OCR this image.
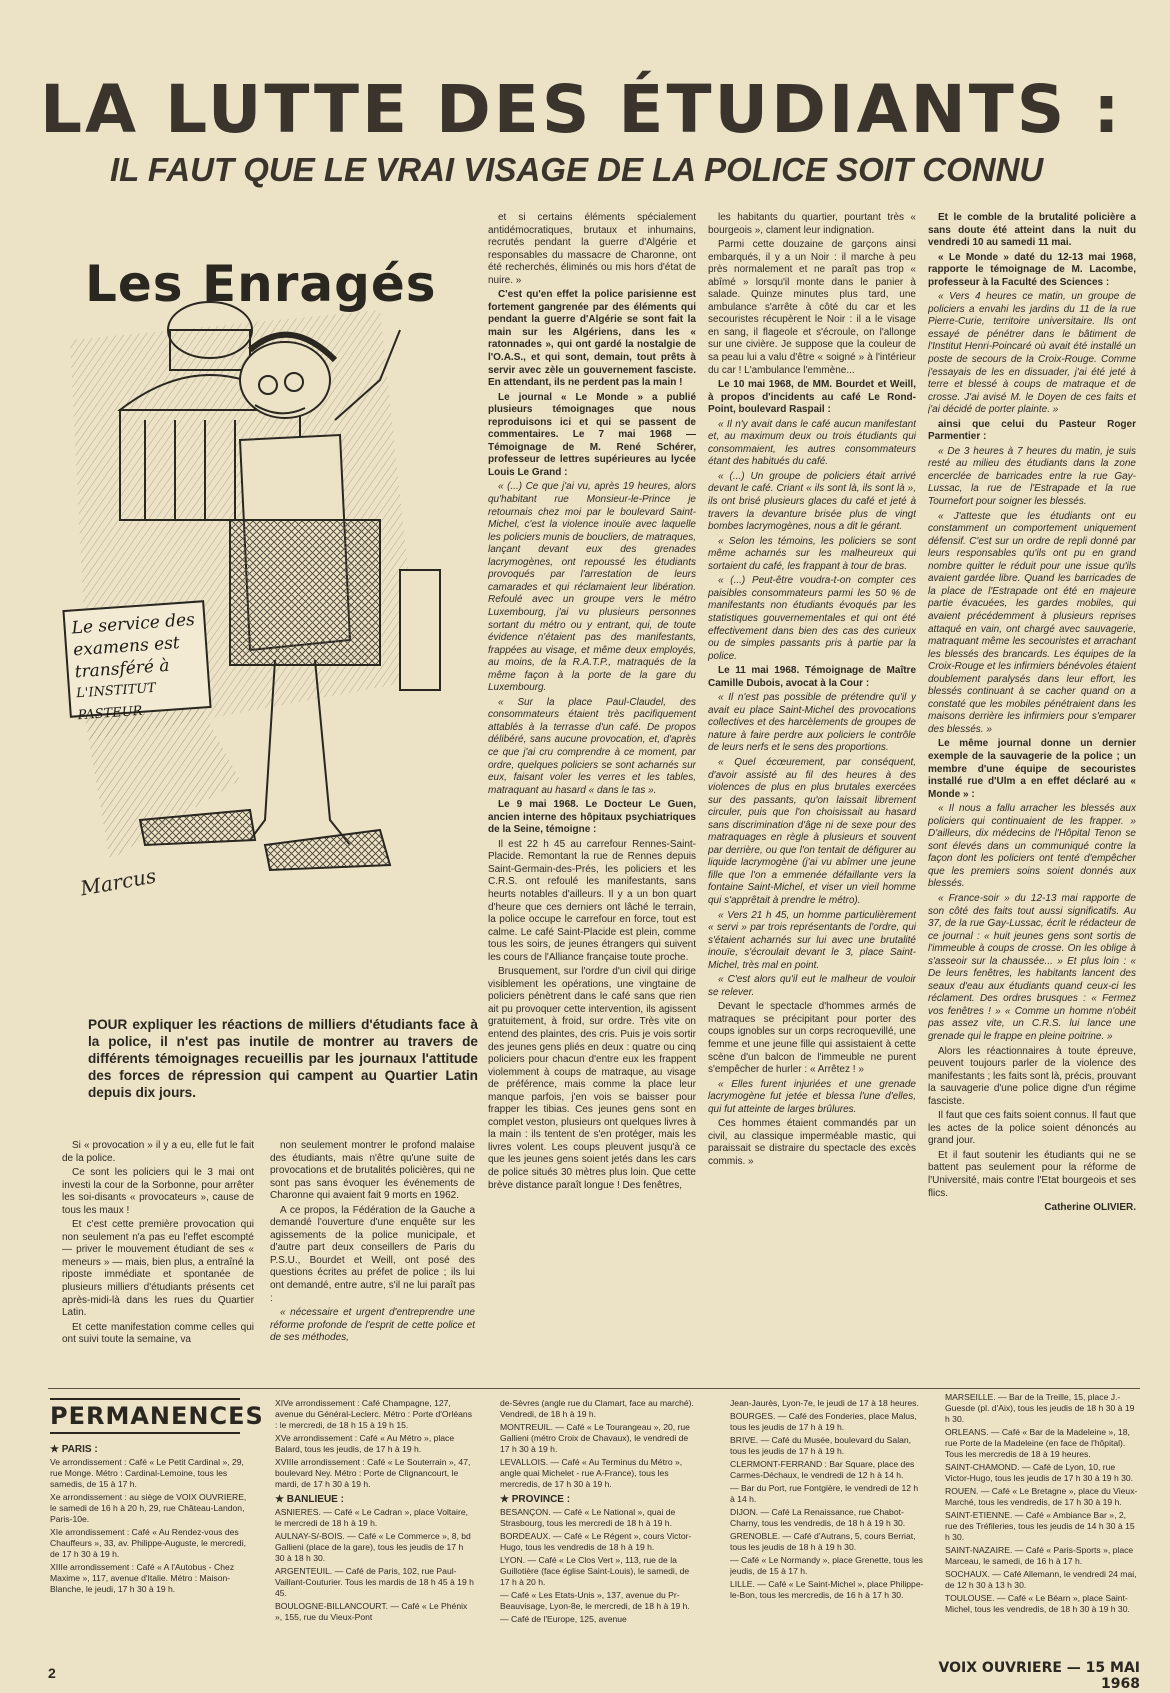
LA LUTTE DES ÉTUDIANTS :
IL FAUT QUE LE VRAI VISAGE DE LA POLICE SOIT CONNU
Les Enragés
Le service des
examens est
transféré à
L'INSTITUT PASTEUR
Marcus
POUR expliquer les réactions de milliers d'étudiants face à la police, il n'est pas inutile de montrer au travers de différents témoignages recueillis par les journaux l'attitude des forces de répression qui campent au Quartier Latin depuis dix jours.

Si « provocation » il y a eu, elle fut le fait de la police.

Ce sont les policiers qui le 3 mai ont investi la cour de la Sorbonne, pour arrêter les soi-disants « provocateurs », cause de tous les maux !

Et c'est cette première provocation qui non seulement n'a pas eu l'effet escompté — priver le mouvement étudiant de ses « meneurs » — mais, bien plus, a entraîné la riposte immédiate et spontanée de plusieurs milliers d'étudiants présents cet après-midi-là dans les rues du Quartier Latin.

Et cette manifestation comme celles qui ont suivi toute la semaine, va

non seulement montrer le profond malaise des étudiants, mais n'être qu'une suite de provocations et de brutalités policières, qui ne sont pas sans évoquer les événements de Charonne qui avaient fait 9 morts en 1962.

A ce propos, la Fédération de la Gauche a demandé l'ouverture d'une enquête sur les agissements de la police municipale, et d'autre part deux conseillers de Paris du P.S.U., Bourdet et Weill, ont posé des questions écrites au préfet de police ; ils lui ont demandé, entre autre, s'il ne lui paraît pas :

« nécessaire et urgent d'entreprendre une réforme profonde de l'esprit de cette police et de ses méthodes,

et si certains éléments spécialement antidémocratiques, brutaux et inhumains, recrutés pendant la guerre d'Algérie et responsables du massacre de Charonne, ont été recherchés, éliminés ou mis hors d'état de nuire. »

C'est qu'en effet la police parisienne est fortement gangrenée par des éléments qui pendant la guerre d'Algérie se sont fait la main sur les Algériens, dans les « ratonnades », qui ont gardé la nostalgie de l'O.A.S., et qui sont, demain, tout prêts à servir avec zèle un gouvernement fasciste. En attendant, ils ne perdent pas la main !

Le journal « Le Monde » a publié plusieurs témoignages que nous reproduisons ici et qui se passent de commentaires. Le 7 mai 1968 — Témoignage de M. René Schérer, professeur de lettres supérieures au lycée Louis Le Grand :

« (...) Ce que j'ai vu, après 19 heures, alors qu'habitant rue Monsieur-le-Prince je retournais chez moi par le boulevard Saint-Michel, c'est la violence inouïe avec laquelle les policiers munis de boucliers, de matraques, lançant devant eux des grenades lacrymogènes, ont repoussé les étudiants provoqués par l'arrestation de leurs camarades et qui réclamaient leur libération. Refoulé avec un groupe vers le métro Luxembourg, j'ai vu plusieurs personnes sortant du métro ou y entrant, qui, de toute évidence n'étaient pas des manifestants, frappées au visage, et même deux employés, au moins, de la R.A.T.P., matraqués de la même façon à la porte de la gare du Luxembourg.

« Sur la place Paul-Claudel, des consommateurs étaient très pacifiquement attablés à la terrasse d'un café. De propos délibéré, sans aucune provocation, et, d'après ce que j'ai cru comprendre à ce moment, par ordre, quelques policiers se sont acharnés sur eux, faisant voler les verres et les tables, matraquant au hasard « dans le tas ».

Le 9 mai 1968. Le Docteur Le Guen, ancien interne des hôpitaux psychiatriques de la Seine, témoigne :

Il est 22 h 45 au carrefour Rennes-Saint-Placide. Remontant la rue de Rennes depuis Saint-Germain-des-Prés, les policiers et les C.R.S. ont refoulé les manifestants, sans heurts notables d'ailleurs. Il y a un bon quart d'heure que ces derniers ont lâché le terrain, la police occupe le carrefour en force, tout est calme. Le café Saint-Placide est plein, comme tous les soirs, de jeunes étrangers qui suivent les cours de l'Alliance française toute proche.

Brusquement, sur l'ordre d'un civil qui dirige visiblement les opérations, une vingtaine de policiers pénètrent dans le café sans que rien ait pu provoquer cette intervention, ils agissent gratuitement, à froid, sur ordre. Très vite on entend des plaintes, des cris. Puis je vois sortir des jeunes gens pliés en deux : quatre ou cinq policiers pour chacun d'entre eux les frappent violemment à coups de matraque, au visage de préférence, mais comme la place leur manque parfois, j'en vois se baisser pour frapper les tibias. Ces jeunes gens sont en complet veston, plusieurs ont quelques livres à la main : ils tentent de s'en protéger, mais les livres volent. Les coups pleuvent jusqu'à ce que les jeunes gens soient jetés dans les cars de police situés 30 mètres plus loin. Que cette brève distance paraît longue ! Des fenêtres,

les habitants du quartier, pourtant très « bourgeois », clament leur indignation.

Parmi cette douzaine de garçons ainsi embarqués, il y a un Noir : il marche à peu près normalement et ne paraît pas trop « abîmé » lorsqu'il monte dans le panier à salade. Quinze minutes plus tard, une ambulance s'arrête à côté du car et les secouristes récupèrent le Noir : il a le visage en sang, il flageole et s'écroule, on l'allonge sur une civière. Je suppose que la couleur de sa peau lui a valu d'être « soigné » à l'intérieur du car ! L'ambulance l'emmène...

Le 10 mai 1968, de MM. Bourdet et Weill, à propos d'incidents au café Le Rond-Point, boulevard Raspail :

« Il n'y avait dans le café aucun manifestant et, au maximum deux ou trois étudiants qui consommaient, les autres consommateurs étant des habitués du café.

« (...) Un groupe de policiers était arrivé devant le café. Criant « ils sont là, ils sont là », ils ont brisé plusieurs glaces du café et jeté à travers la devanture brisée plus de vingt bombes lacrymogènes, nous a dit le gérant.

« Selon les témoins, les policiers se sont même acharnés sur les malheureux qui sortaient du café, les frappant à tour de bras.

« (...) Peut-être voudra-t-on compter ces paisibles consommateurs parmi les 50 % de manifestants non étudiants évoqués par les statistiques gouvernementales et qui ont été effectivement dans bien des cas des curieux ou de simples passants pris à partie par la police.

Le 11 mai 1968. Témoignage de Maître Camille Dubois, avocat à la Cour :

« Il n'est pas possible de prétendre qu'il y avait eu place Saint-Michel des provocations collectives et des harcèlements de groupes de nature à faire perdre aux policiers le contrôle de leurs nerfs et le sens des proportions.

« Quel écœurement, par conséquent, d'avoir assisté au fil des heures à des violences de plus en plus brutales exercées sur des passants, qu'on laissait librement circuler, puis que l'on choisissait au hasard sans discrimination d'âge ni de sexe pour des matraquages en règle à plusieurs et souvent par derrière, ou que l'on tentait de défigurer au liquide lacrymogène (j'ai vu abîmer une jeune fille que l'on a emmenée défaillante vers la fontaine Saint-Michel, et viser un vieil homme qui s'apprêtait à prendre le métro).

« Vers 21 h 45, un homme particulièrement « servi » par trois représentants de l'ordre, qui s'étaient acharnés sur lui avec une brutalité inouïe, s'écroulait devant le 3, place Saint-Michel, très mal en point.

« C'est alors qu'il eut le malheur de vouloir se relever.

Devant le spectacle d'hommes armés de matraques se précipitant pour porter des coups ignobles sur un corps recroquevillé, une femme et une jeune fille qui assistaient à cette scène d'un balcon de l'immeuble ne purent s'empêcher de hurler : « Arrêtez ! »

« Elles furent injuriées et une grenade lacrymogène fut jetée et blessa l'une d'elles, qui fut atteinte de larges brûlures.

Ces hommes étaient commandés par un civil, au classique imperméable mastic, qui paraissait se distraire du spectacle des excès commis. »

Et le comble de la brutalité policière a sans doute été atteint dans la nuit du vendredi 10 au samedi 11 mai.

« Le Monde » daté du 12-13 mai 1968, rapporte le témoignage de M. Lacombe, professeur à la Faculté des Sciences :

« Vers 4 heures ce matin, un groupe de policiers a envahi les jardins du 11 de la rue Pierre-Curie, territoire universitaire. Ils ont essayé de pénétrer dans le bâtiment de l'Institut Henri-Poincaré où avait été installé un poste de secours de la Croix-Rouge. Comme j'essayais de les en dissuader, j'ai été jeté à terre et blessé à coups de matraque et de crosse. J'ai avisé M. le Doyen de ces faits et j'ai décidé de porter plainte. »

ainsi que celui du Pasteur Roger Parmentier :

« De 3 heures à 7 heures du matin, je suis resté au milieu des étudiants dans la zone encerclée de barricades entre la rue Gay-Lussac, la rue de l'Estrapade et la rue Tournefort pour soigner les blessés.

« J'atteste que les étudiants ont eu constamment un comportement uniquement défensif. C'est sur un ordre de repli donné par leurs responsables qu'ils ont pu en grand nombre quitter le réduit pour une issue qu'ils avaient gardée libre. Quand les barricades de la place de l'Estrapade ont été en majeure partie évacuées, les gardes mobiles, qui avaient précédemment à plusieurs reprises attaqué en vain, ont chargé avec sauvagerie, matraquant même les secouristes et arrachant les blessés des brancards. Les équipes de la Croix-Rouge et les infirmiers bénévoles étaient doublement paralysés dans leur effort, les blessés continuant à se cacher quand on a constaté que les mobiles pénétraient dans les maisons derrière les infirmiers pour s'emparer des blessés. »

Le même journal donne un dernier exemple de la sauvagerie de la police ; un membre d'une équipe de secouristes installé rue d'Ulm a en effet déclaré au « Monde » :

« Il nous a fallu arracher les blessés aux policiers qui continuaient de les frapper. » D'ailleurs, dix médecins de l'Hôpital Tenon se sont élevés dans un communiqué contre la façon dont les policiers ont tenté d'empêcher que les premiers soins soient donnés aux blessés.

« France-soir » du 12-13 mai rapporte de son côté des faits tout aussi significatifs. Au 37, de la rue Gay-Lussac, écrit le rédacteur de ce journal : « huit jeunes gens sont sortis de l'immeuble à coups de crosse. On les oblige à s'asseoir sur la chaussée... » Et plus loin : « De leurs fenêtres, les habitants lancent des seaux d'eau aux étudiants quand ceux-ci les réclament. Des ordres brusques : « Fermez vos fenêtres ! » « Comme un homme n'obéit pas assez vite, un C.R.S. lui lance une grenade qui le frappe en pleine poitrine. »

Alors les réactionnaires à toute épreuve, peuvent toujours parler de la violence des manifestants ; les faits sont là, précis, prouvant la sauvagerie d'une police digne d'un régime fasciste.

Il faut que ces faits soient connus. Il faut que les actes de la police soient dénoncés au grand jour.

Et il faut soutenir les étudiants qui ne se battent pas seulement pour la réforme de l'Université, mais contre l'Etat bourgeois et ses flics.

Catherine OLIVIER.

PERMANENCES

★ PARIS :

Ve arrondissement : Café « Le Petit Cardinal », 29, rue Monge. Métro : Cardinal-Lemoine, tous les samedis, de 15 à 17 h.

Xe arrondissement : au siège de VOIX OUVRIERE, le samedi de 16 h à 20 h, 29, rue Château-Landon, Paris-10e.

XIe arrondissement : Café « Au Rendez-vous des Chauffeurs », 33, av. Philippe-Auguste, le mercredi, de 17 h 30 à 19 h.

XIIIe arrondissement : Café « A l'Autobus - Chez Maxime », 117, avenue d'Italie. Métro : Maison-Blanche, le jeudi, 17 h 30 à 19 h.

XIVe arrondissement : Café Champagne, 127, avenue du Général-Leclerc. Métro : Porte d'Orléans : le mercredi, de 18 h 15 à 19 h 15.

XVe arrondissement : Café « Au Métro », place Balard, tous les jeudis, de 17 h à 19 h.

XVIIIe arrondissement : Café « Le Souterrain », 47, boulevard Ney. Métro : Porte de Clignancourt, le mardi, de 17 h 30 à 19 h.

★ BANLIEUE :

ASNIERES. — Café « Le Cadran », place Voltaire, le mercredi de 18 h à 19 h.

AULNAY-S/-BOIS. — Café « Le Commerce », 8, bd Gallieni (place de la gare), tous les jeudis de 17 h 30 à 18 h 30.

ARGENTEUIL. — Café de Paris, 102, rue Paul-Vaillant-Couturier. Tous les mardis de 18 h 45 à 19 h 45.

BOULOGNE-BILLANCOURT. — Café « Le Phénix », 155, rue du Vieux-Pont

de-Sèvres (angle rue du Clamart, face au marché). Vendredi, de 18 h à 19 h.

MONTREUIL. — Café « Le Tourangeau », 20, rue Gallieni (métro Croix de Chavaux), le vendredi de 17 h 30 à 19 h.

LEVALLOIS. — Café « Au Terminus du Métro », angle quai Michelet - rue A-France), tous les mercredis, de 17 h 30 à 19 h.

★ PROVINCE :

BESANÇON. — Café « Le National », quai de Strasbourg, tous les mercredi de 18 h à 19 h.

BORDEAUX. — Café « Le Régent », cours Victor-Hugo, tous les vendredis de 18 h à 19 h.

LYON. — Café « Le Clos Vert », 113, rue de la Guillotière (face église Saint-Louis), le samedi, de 17 h à 20 h.

— Café « Les Etats-Unis », 137, avenue du Pr-Beauvisage, Lyon-8e, le mercredi, de 18 h à 19 h.

— Café de l'Europe, 125, avenue

Jean-Jaurès, Lyon-7e, le jeudi de 17 à 18 heures.

BOURGES. — Café des Fonderies, place Malus, tous les jeudis de 17 h à 19 h.

BRIVE. — Café du Musée, boulevard du Salan, tous les jeudis de 17 h à 19 h.

CLERMONT-FERRAND : Bar Square, place des Carmes-Déchaux, le vendredi de 12 h à 14 h.

— Bar du Port, rue Fontgière, le vendredi de 12 h à 14 h.

DIJON. — Café La Renaissance, rue Chabot-Charny, tous les vendredis, de 18 h à 19 h 30.

GRENOBLE. — Café d'Autrans, 5, cours Berriat, tous les jeudis de 18 h à 19 h 30.

— Café « Le Normandy », place Grenette, tous les jeudis, de 15 à 17 h.

LILLE. — Café « Le Saint-Michel », place Philippe-le-Bon, tous les mercredis, de 16 h à 17 h 30.

MARSEILLE. — Bar de la Treille, 15, place J.-Guesde (pl. d'Aix), tous les jeudis de 18 h 30 à 19 h 30.

ORLEANS. — Café « Bar de la Madeleine », 18, rue Porte de la Madeleine (en face de l'hôpital). Tous les mercredis de 18 à 19 heures.

SAINT-CHAMOND. — Café de Lyon, 10, rue Victor-Hugo, tous les jeudis de 17 h 30 à 19 h 30.

ROUEN. — Café « Le Bretagne », place du Vieux-Marché, tous les vendredis, de 17 h 30 à 19 h.

SAINT-ETIENNE. — Café « Ambiance Bar », 2, rue des Tréfileries, tous les jeudis de 14 h 30 à 15 h 30.

SAINT-NAZAIRE. — Café « Paris-Sports », place Marceau, le samedi, de 16 h à 17 h.

SOCHAUX. — Café Allemann, le vendredi 24 mai, de 12 h 30 à 13 h 30.

TOULOUSE. — Café « Le Béarn », place Saint-Michel, tous les vendredis, de 18 h 30 à 19 h 30.

2	VOIX OUVRIERE — 15 MAI 1968
